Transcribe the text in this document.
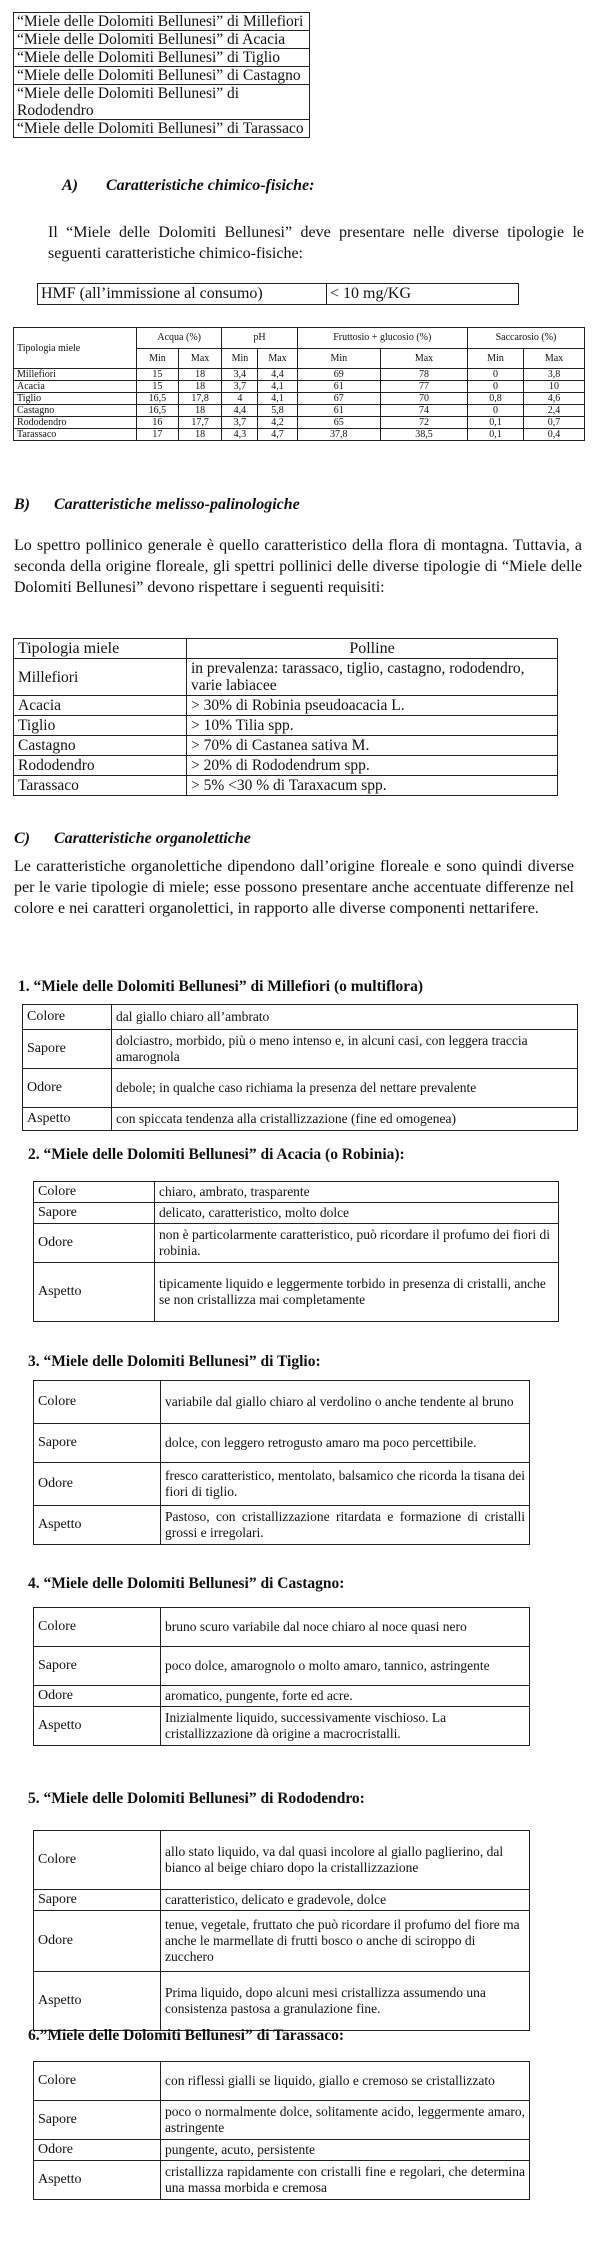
“Miele delle Dolomiti Bellunesi” di Millefiori
“Miele delle Dolomiti Bellunesi” di Acacia
“Miele delle Dolomiti Bellunesi” di Tiglio
“Miele delle Dolomiti Bellunesi” di Castagno
“Miele delle Dolomiti Bellunesi” di Rododendro
“Miele delle Dolomiti Bellunesi” di Tarassaco
A) Caratteristiche chimico-fisiche:
Il “Miele delle Dolomiti Bellunesi” deve presentare nelle diverse tipologie le seguenti caratteristiche chimico-fisiche:
HMF (all’immissione al consumo)	< 10 mg/KG
Tipologia miele	Acqua (%)		pH		Fruttosio + glucosio (%)		Saccarosio (%)	
	Min	Max	Min	Max	Min	Max	Min	Max
Millefiori	15	18	3,4	4,4	69	78	0	3,8
Acacia	15	18	3,7	4,1	61	77	0	10
Tiglio	16,5	17,8	4	4,1	67	70	0,8	4,6
Castagno	16,5	18	4,4	5,8	61	74	0	2,4
Rododendro	16	17,7	3,7	4,2	65	72	0,1	0,7
Tarassaco	17	18	4,3	4,7	37,8	38,5	0,1	0,4
B) Caratteristiche melisso-palinologiche
Lo spettro pollinico generale è quello caratteristico della flora di montagna. Tuttavia, a seconda della origine floreale, gli spettri pollinici delle diverse tipologie di “Miele delle Dolomiti Bellunesi” devono rispettare i seguenti requisiti:
Tipologia miele	Polline
Millefiori	in prevalenza: tarassaco, tiglio, castagno, rododendro, varie labiacee
Acacia	> 30% di Robinia pseudoacacia L.
Tiglio	> 10% Tilia spp.
Castagno	> 70% di Castanea sativa M.
Rododendro	> 20% di Rododendrum spp.
Tarassaco	> 5% <30 % di Taraxacum spp.
C) Caratteristiche organolettiche
Le caratteristiche organolettiche dipendono dall’origine floreale e sono quindi diverse per le varie tipologie di miele; esse possono presentare anche accentuate differenze nel colore e nei caratteri organolettici, in rapporto alle diverse componenti nettarifere.
1. “Miele delle Dolomiti Bellunesi” di Millefiori (o multiflora)
Colore	dal giallo chiaro all’ambrato
Sapore	dolciastro, morbido, più o meno intenso e, in alcuni casi, con leggera traccia amarognola
Odore	debole; in qualche caso richiama la presenza del nettare prevalente
Aspetto	con spiccata tendenza alla cristallizzazione (fine ed omogenea)
2. “Miele delle Dolomiti Bellunesi” di Acacia (o Robinia):
Colore	chiaro, ambrato, trasparente
Sapore	delicato, caratteristico, molto dolce
Odore	non è particolarmente caratteristico, può ricordare il profumo dei fiori di robinia.
Aspetto	tipicamente liquido e leggermente torbido in presenza di cristalli, anche se non cristallizza mai completamente
3. “Miele delle Dolomiti Bellunesi” di Tiglio:
Colore	variabile dal giallo chiaro al verdolino o anche tendente al bruno
Sapore	dolce, con leggero retrogusto amaro ma poco percettibile.
Odore	fresco caratteristico, mentolato, balsamico che ricorda la tisana dei fiori di tiglio.
Aspetto	Pastoso, con cristallizzazione ritardata e formazione di cristalli grossi e irregolari.
4. “Miele delle Dolomiti Bellunesi” di Castagno:
Colore	bruno scuro variabile dal noce chiaro al noce quasi nero
Sapore	poco dolce, amarognolo o molto amaro, tannico, astringente
Odore	aromatico, pungente, forte ed acre.
Aspetto	Inizialmente liquido, successivamente vischioso. La cristallizzazione dà origine a macrocristalli.
5. “Miele delle Dolomiti Bellunesi” di Rododendro:
Colore	allo stato liquido, va dal quasi incolore al giallo paglierino, dal bianco al beige chiaro dopo la cristallizzazione
Sapore	caratteristico, delicato e gradevole, dolce
Odore	tenue, vegetale, fruttato che può ricordare il profumo del fiore ma anche le marmellate di frutti bosco o anche di sciroppo di zucchero
Aspetto	Prima liquido, dopo alcuni mesi cristallizza assumendo una consistenza pastosa a granulazione fine.
6.”Miele delle Dolomiti Bellunesi” di Tarassaco:
Colore	con riflessi gialli se liquido, giallo e cremoso se cristallizzato
Sapore	poco o normalmente dolce, solitamente acido, leggermente amaro, astringente
Odore	pungente, acuto, persistente
Aspetto	cristallizza rapidamente con cristalli fine e regolari, che determina una massa morbida e cremosa
